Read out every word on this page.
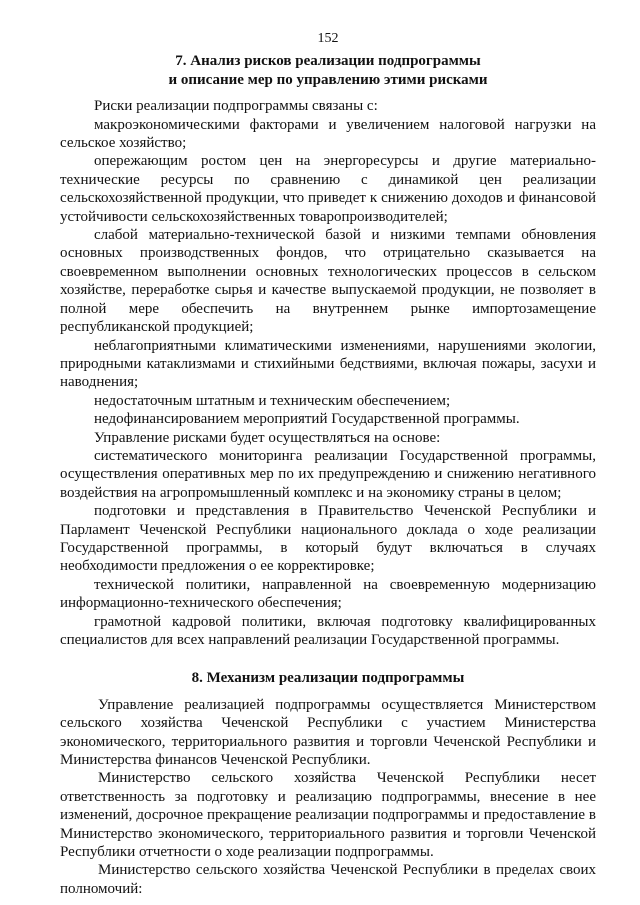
152
7. Анализ рисков реализации подпрограммы
и описание мер по управлению этими рисками

Риски реализации подпрограммы связаны с:

макроэкономическими факторами и увеличением налоговой нагрузки на сельское хозяйство;

опережающим ростом цен на энергоресурсы и другие материально-технические ресурсы по сравнению с динамикой цен реализации сельскохозяйственной продукции, что приведет к снижению доходов и финансовой устойчивости сельскохозяйственных товаропроизводителей;

слабой материально-технической базой и низкими темпами обновления основных производственных фондов, что отрицательно сказывается на своевременном выполнении основных технологических процессов в сельском хозяйстве, переработке сырья и качестве выпускаемой продукции, не позволяет в полной мере обеспечить на внутреннем рынке импортозамещение республиканской продукцией;

неблагоприятными климатическими изменениями, нарушениями экологии, природными катаклизмами и стихийными бедствиями, включая пожары, засухи и наводнения;

недостаточным штатным и техническим обеспечением;

недофинансированием мероприятий Государственной программы.

Управление рисками будет осуществляться на основе:

систематического мониторинга реализации Государственной программы, осуществления оперативных мер по их предупреждению и снижению негативного воздействия на агропромышленный комплекс и на экономику страны в целом;

подготовки и представления в Правительство Чеченской Республики и Парламент Чеченской Республики национального доклада о ходе реализации Государственной программы, в который будут включаться в случаях необходимости предложения о ее корректировке;

технической политики, направленной на своевременную модернизацию информационно-технического обеспечения;

грамотной кадровой политики, включая подготовку квалифицированных специалистов для всех направлений реализации Государственной программы.

8. Механизм реализации подпрограммы

Управление реализацией подпрограммы осуществляется Министерством сельского хозяйства Чеченской Республики с участием Министерства экономического, территориального развития и торговли Чеченской Республики и Министерства финансов Чеченской Республики.

Министерство сельского хозяйства Чеченской Республики несет ответственность за подготовку и реализацию подпрограммы, внесение в нее изменений, досрочное прекращение реализации подпрограммы и предоставление в Министерство экономического, территориального развития и торговли Чеченской Республики отчетности о ходе реализации подпрограммы.

Министерство сельского хозяйства Чеченской Республики в пределах своих полномочий:
